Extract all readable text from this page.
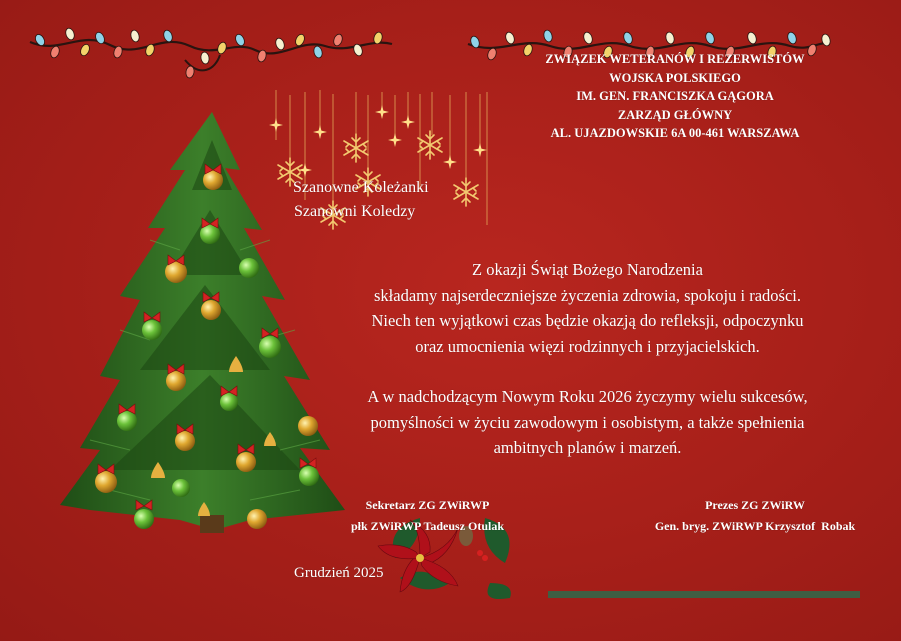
ZWIĄZEK WETERANÓW I REZERWISTÓW
WOJSKA POLSKIEGO
IM. GEN. FRANCISZKA GĄGORA
ZARZĄD GŁÓWNY
AL. UJAZDOWSKIE 6A 00-461 WARSZAWA
Szanowne Koleżanki
Szanowni Koledzy
Z okazji Świąt Bożego Narodzenia
składamy najserdeczniejsze życzenia zdrowia, spokoju i radości.
Niech ten wyjątkowi czas będzie okazją do refleksji, odpoczynku
oraz umocnienia więzi rodzinnych i przyjacielskich.
A w nadchodzącym Nowym Roku 2026 życzymy wielu sukcesów,
pomyślności w życiu zawodowym i osobistym, a także spełnienia
ambitnych planów i marzeń.
Sekretarz ZG ZWiRWP
płk ZWiRWP Tadeusz Otulak
Prezes ZG ZWiRW
Gen. bryg. ZWiRWP Krzysztof  Robak
Grudzień 2025
